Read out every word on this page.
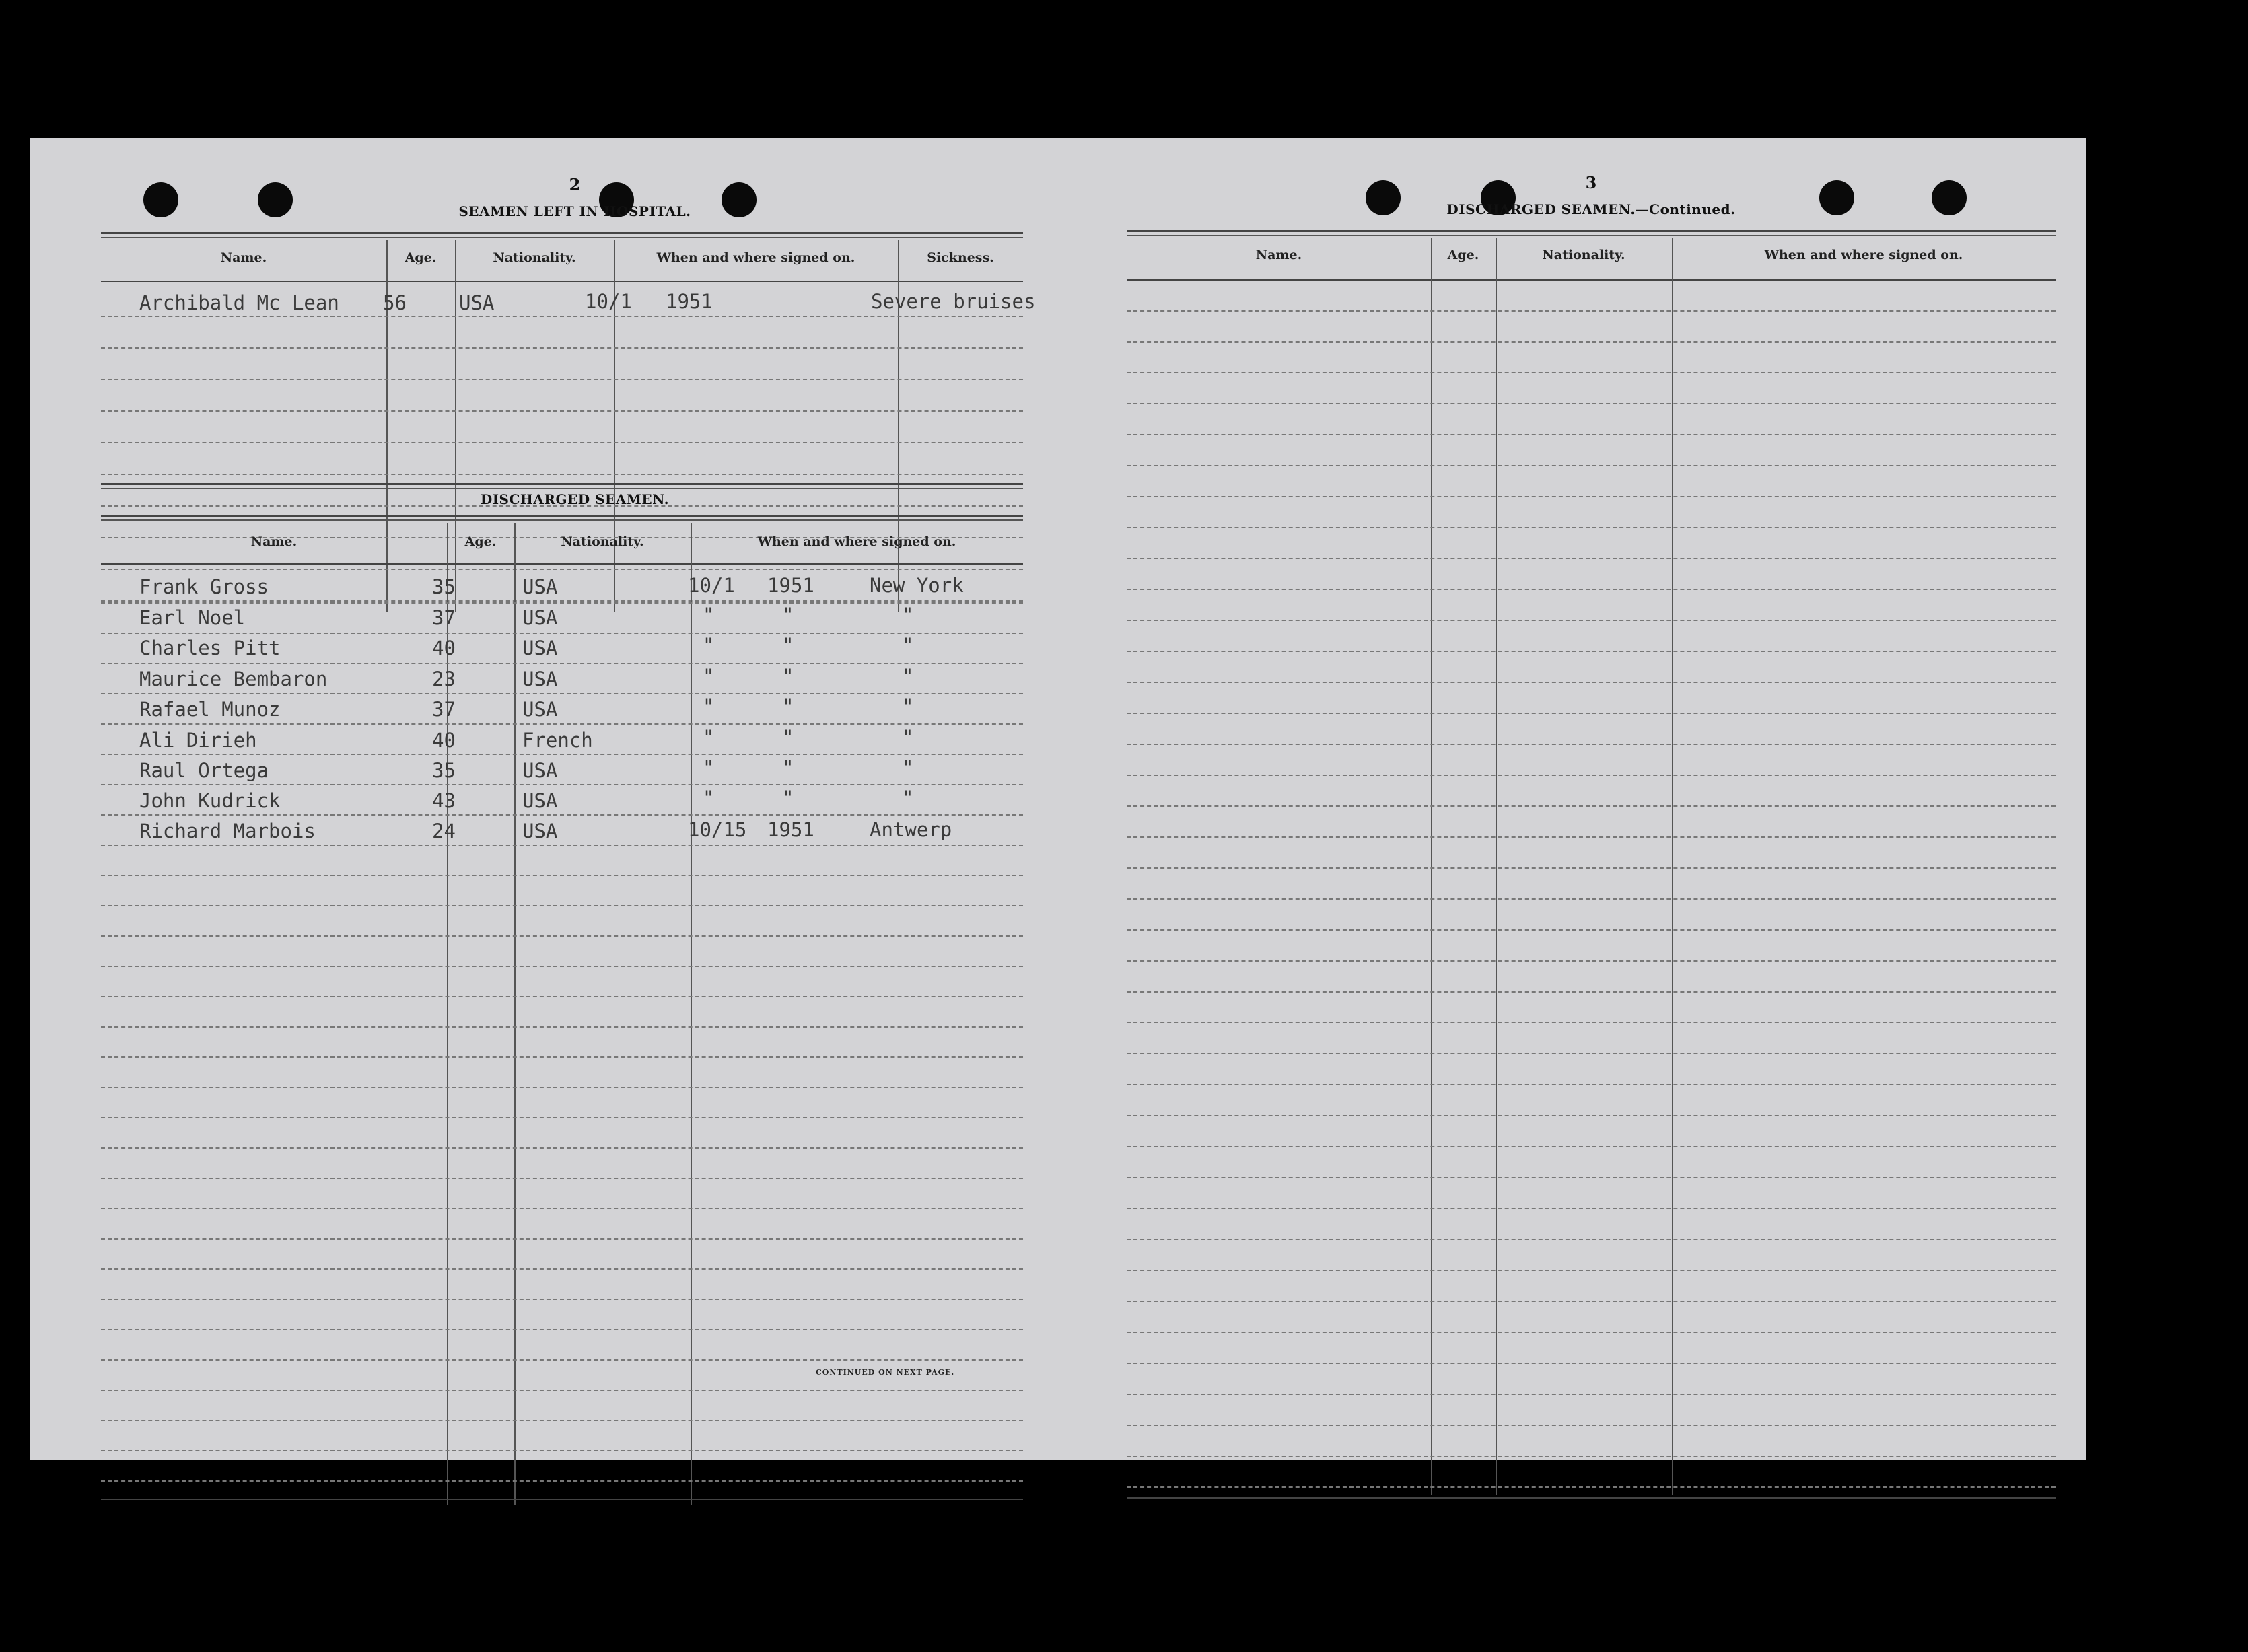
2
SEAMEN LEFT IN HOSPITAL.
Name.	Age.	Nationality.	When and where signed on.	Sickness.
Archibald Mc Lean 56	USA	10/1 1951	Severe bruises
DISCHARGED SEAMEN.
Name.	Age.	Nationality.	When and where signed on.
Frank Gross	35	USA	10/1 1951	New York
Earl Noel	37	USA	"	"	"
Charles Pitt	40	USA	"	"	"
Maurice Bembaron	23	USA	"	"	"
Rafael Munoz	37	USA	"	"	"
Ali Dirieh	40	French	"	"	"
Raul Ortega	35	USA	"	"	"
John Kudrick	43	USA	"	"	"
Richard Marbois	24	USA	10/15 1951	Antwerp
CONTINUED ON NEXT PAGE.
3
DISCHARGED SEAMEN.—Continued.
Name.	Age.	Nationality.	When and where signed on.
